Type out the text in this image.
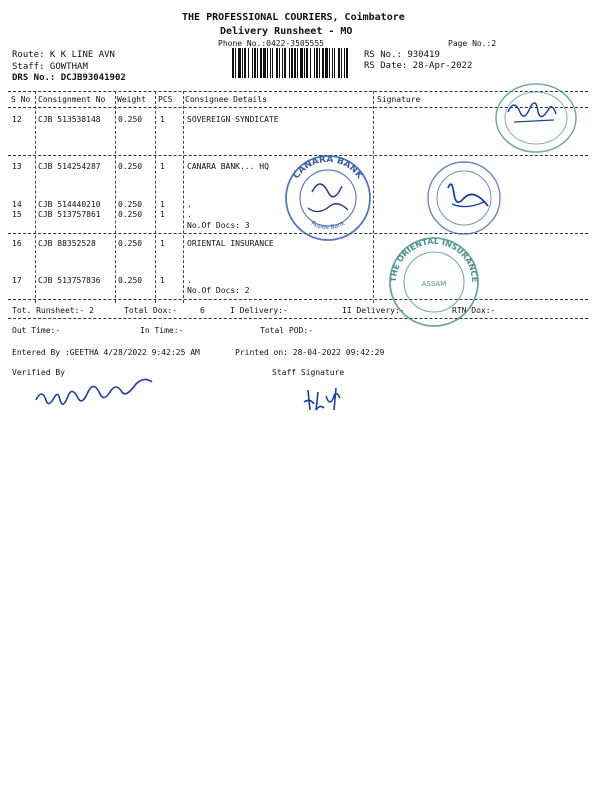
THE PROFESSIONAL COURIERS, Coimbatore
Delivery Runsheet - MO
Phone No.:0422-3505555	Page No.:2
Route: K K LINE AVN
Staff: GOWTHAM
DRS No.: DCJB93041902
RS No.: 930419
RS Date: 28-Apr-2022
S No Consignment No Weight PCS Consignee Details	Signature
12 CJB 513538148 0.250 1	SOVEREIGN SYNDICATE
13 CJB 514254287 0.250 1	CANARA BANK... HQ
14 CJB 514440210 0.250 1	.
15 CJB 513757861 0.250 1	.
No.Of Docs: 3
16 CJB 88352528	0.250 1	ORIENTAL INSURANCE
17 CJB 513757836 0.250 1	.
No.Of Docs: 2
Tot. Runsheet:- 2	Total Dox:-	6	I Delivery:-	II Delivery:-	RTN Dox:-
Out Time:-	In Time:-	Total POD:-
Entered By :GEETHA 4/28/2022 9:42:25 AM	Printed on: 28-04-2022 09:42:29
Verified By	Staff Signature
CANARA BANK
Rupee Bank
THE ORIENTAL INSURANCE
ASSAM
